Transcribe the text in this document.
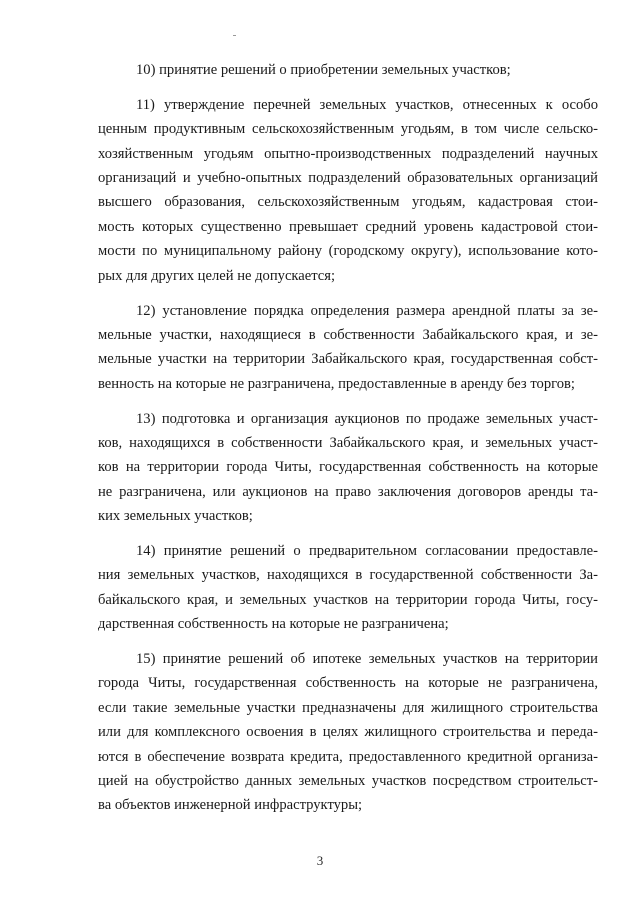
10) принятие решений о приобретении земельных участков;
11) утверждение перечней земельных участков, отнесенных к особо
ценным продуктивным сельскохозяйственным угодьям, в том числе сельско-
хозяйственным угодьям опытно-производственных подразделений научных
организаций и учебно-опытных подразделений образовательных организаций
высшего образования, сельскохозяйственным угодьям, кадастровая стои-
мость которых существенно превышает средний уровень кадастровой стои-
мости по муниципальному району (городскому округу), использование кото-
рых для других целей не допускается;
12) установление порядка определения размера арендной платы за зе-
мельные участки, находящиеся в собственности Забайкальского края, и зе-
мельные участки на территории Забайкальского края, государственная собст-
венность на которые не разграничена, предоставленные в аренду без торгов;
13) подготовка и организация аукционов по продаже земельных участ-
ков, находящихся в собственности Забайкальского края, и земельных участ-
ков на территории города Читы, государственная собственность на которые
не разграничена, или аукционов на право заключения договоров аренды та-
ких земельных участков;
14) принятие решений о предварительном согласовании предоставле-
ния земельных участков, находящихся в государственной собственности За-
байкальского края, и земельных участков на территории города Читы, госу-
дарственная собственность на которые не разграничена;
15) принятие решений об ипотеке земельных участков на территории
города Читы, государственная собственность на которые не разграничена,
если такие земельные участки предназначены для жилищного строительства
или для комплексного освоения в целях жилищного строительства и переда-
ются в обеспечение возврата кредита, предоставленного кредитной организа-
цией на обустройство данных земельных участков посредством строительст-
ва объектов инженерной инфраструктуры;
3
